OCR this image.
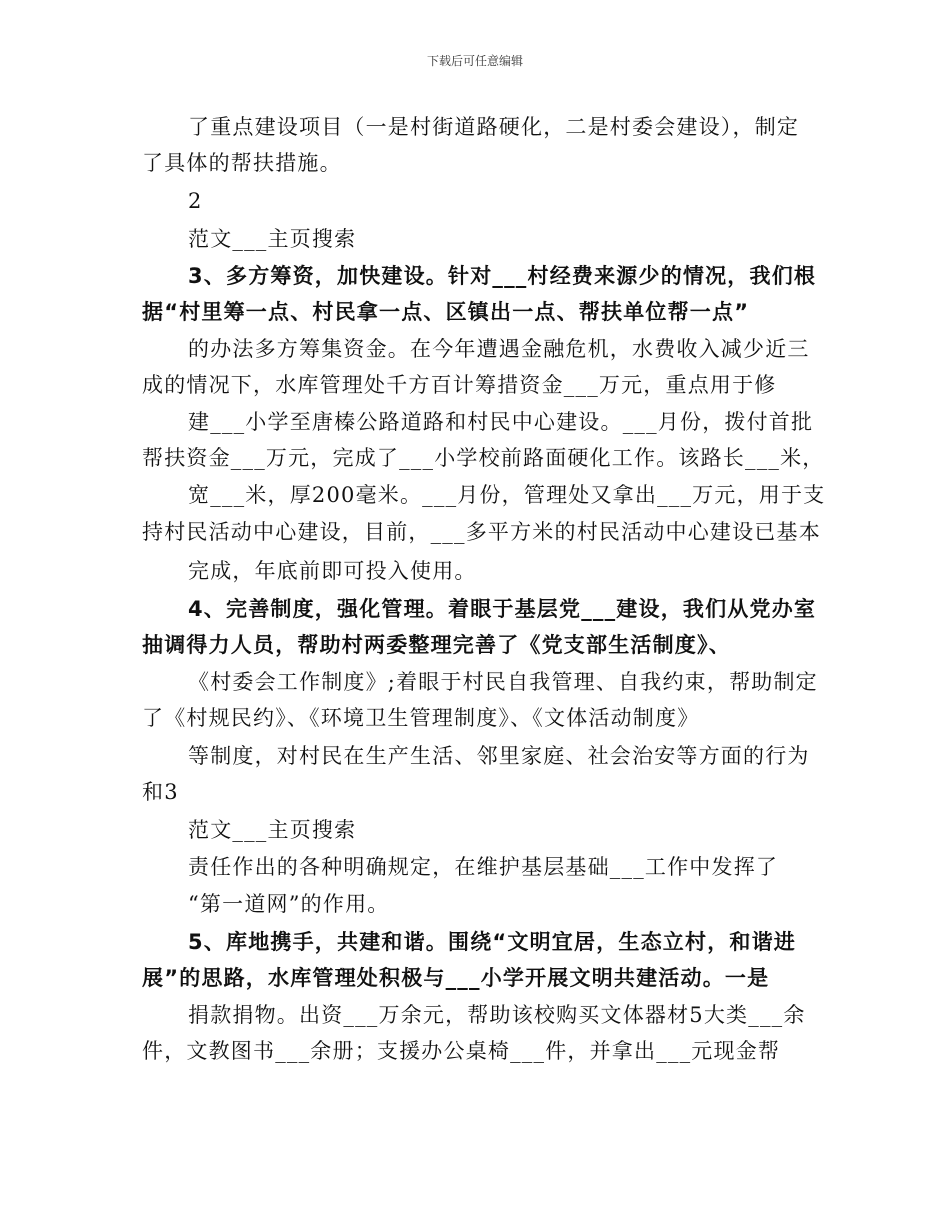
下载后可任意编辑
了重点建设项目（一是村街道路硬化，二是村委会建设），制定
了具体的帮扶措施。
2
范文___主页搜索
3、多方筹资，加快建设。针对___村经费来源少的情况，我们根
据“村里筹一点、村民拿一点、区镇出一点、帮扶单位帮一点”
的办法多方筹集资金。在今年遭遇金融危机，水费收入减少近三
成的情况下，水库管理处千方百计筹措资金___万元，重点用于修
建___小学至唐榛公路道路和村民中心建设。___月份，拨付首批
帮扶资金___万元，完成了___小学校前路面硬化工作。该路长___米，
宽___米，厚200毫米。___月份，管理处又拿出___万元，用于支
持村民活动中心建设，目前，___多平方米的村民活动中心建设已基本
完成，年底前即可投入使用。
4、完善制度，强化管理。着眼于基层党___建设，我们从党办室
抽调得力人员，帮助村两委整理完善了《党支部生活制度》、
《村委会工作制度》;着眼于村民自我管理、自我约束，帮助制定
了《村规民约》、《环境卫生管理制度》、《文体活动制度》
等制度，对村民在生产生活、邻里家庭、社会治安等方面的行为
和3
范文___主页搜索
责任作出的各种明确规定，在维护基层基础___工作中发挥了
“第一道网”的作用。
5、库地携手，共建和谐。围绕“文明宜居，生态立村，和谐进
展”的思路，水库管理处积极与___小学开展文明共建活动。一是
捐款捐物。出资___万余元，帮助该校购买文体器材5大类___余
件，文教图书___余册；支援办公桌椅___件，并拿出___元现金帮
